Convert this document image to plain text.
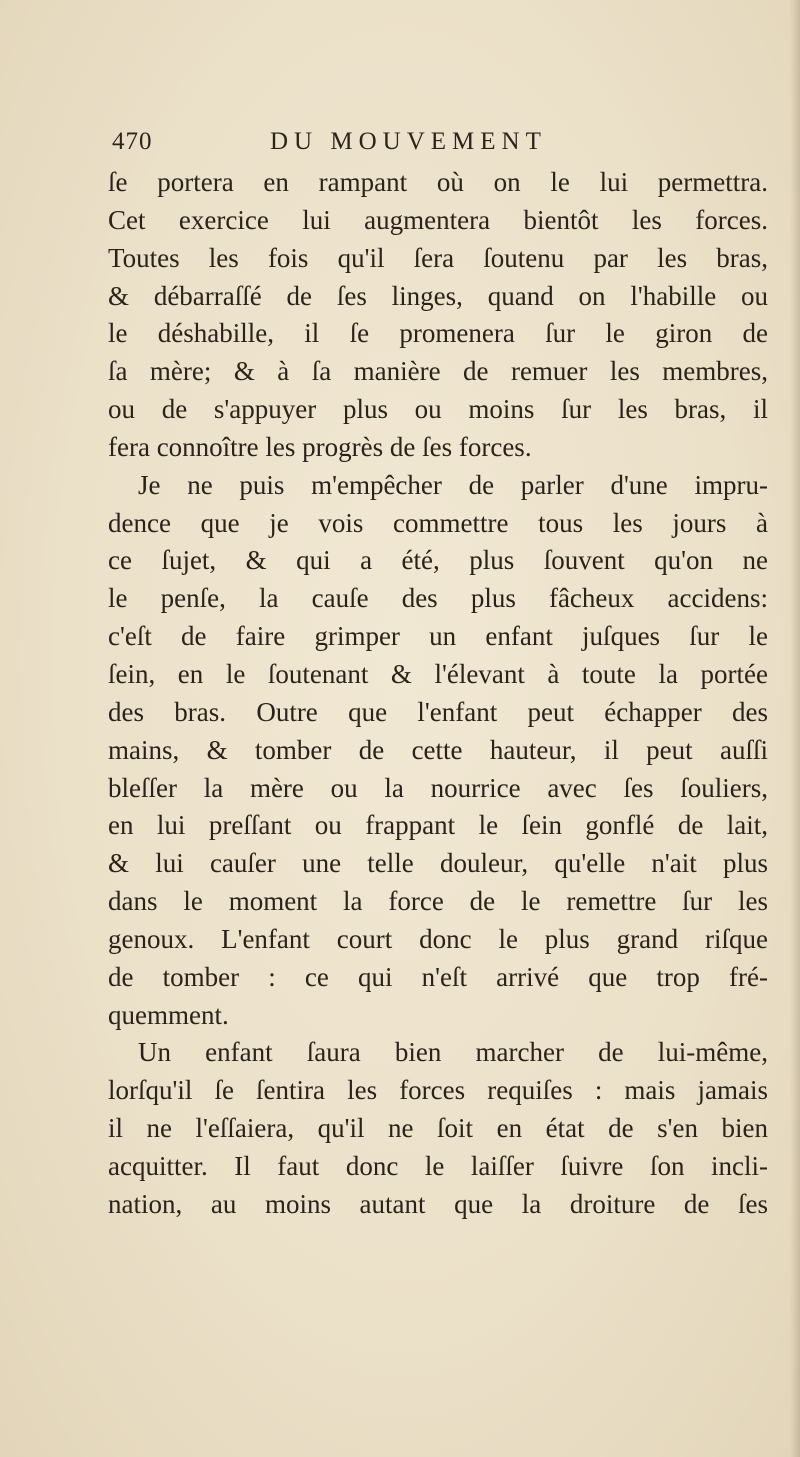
470	DU MOUVEMENT
ſe portera en rampant où on le lui permettra.
Cet exercice lui augmentera bientôt les forces.
Toutes les fois qu'il ſera ſoutenu par les bras,
& débarraſſé de ſes linges, quand on l'habille ou
le déshabille, il ſe promenera ſur le giron de
ſa mère; & à ſa manière de remuer les membres,
ou de s'appuyer plus ou moins ſur les bras, il
fera connoître les progrès de ſes forces.
Je ne puis m'empêcher de parler d'une impru-
dence que je vois commettre tous les jours à
ce ſujet, & qui a été, plus ſouvent qu'on ne
le penſe, la cauſe des plus fâcheux accidens:
c'eſt de faire grimper un enfant juſques ſur le
ſein, en le ſoutenant & l'élevant à toute la portée
des bras. Outre que l'enfant peut échapper des
mains, & tomber de cette hauteur, il peut auſſi
bleſſer la mère ou la nourrice avec ſes ſouliers,
en lui preſſant ou frappant le ſein gonflé de lait,
& lui cauſer une telle douleur, qu'elle n'ait plus
dans le moment la force de le remettre ſur les
genoux. L'enfant court donc le plus grand riſque
de tomber : ce qui n'eſt arrivé que trop fré-
quemment.
Un enfant ſaura bien marcher de lui-même,
lorſqu'il ſe ſentira les forces requiſes : mais jamais
il ne l'eſſaiera, qu'il ne ſoit en état de s'en bien
acquitter. Il faut donc le laiſſer ſuivre ſon incli-
nation, au moins autant que la droiture de ſes
